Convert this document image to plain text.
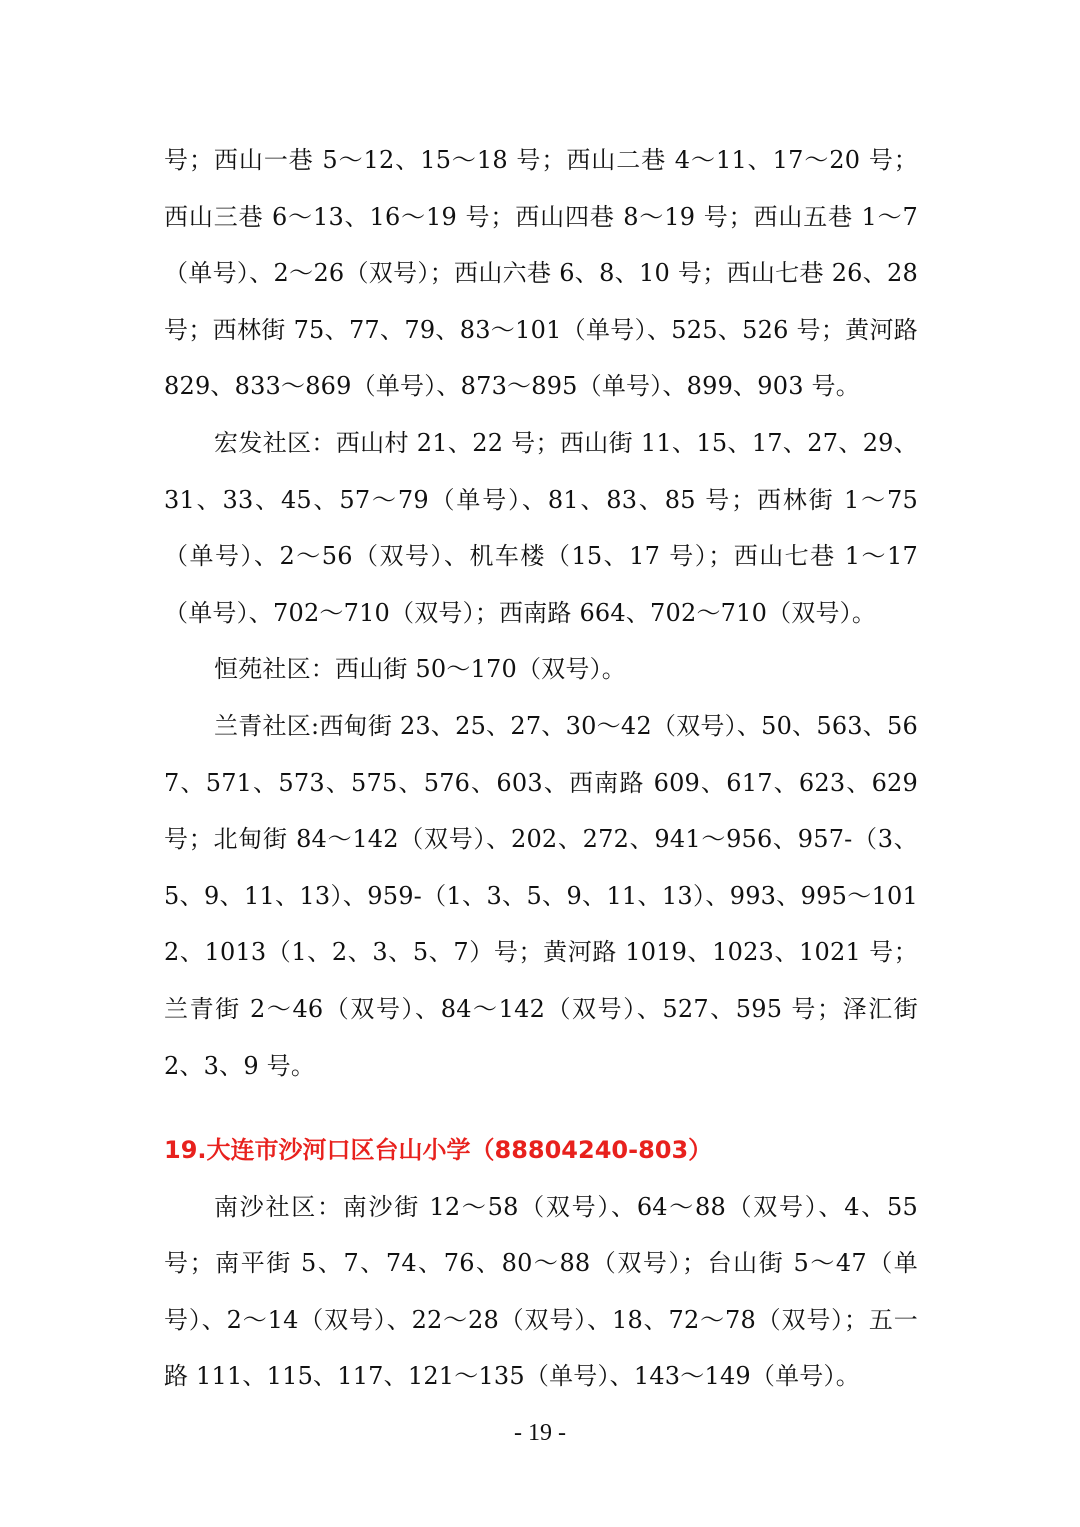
号；西山一巷 5～12、15～18 号；西山二巷 4～11、17～20 号；西山三巷 6～13、16～19 号；西山四巷 8～19 号；西山五巷 1～7（单号）、2～26（双号）；西山六巷 6、8、10 号；西山七巷 26、28 号；西林街 75、77、79、83～101（单号）、525、526 号；黄河路 829、833～869（单号）、873～895（单号）、899、903 号。

宏发社区：西山村 21、22 号；西山街 11、15、17、27、29、31、33、45、57～79（单号）、81、83、85 号；西林街 1～75（单号）、2～56（双号）、机车楼（15、17 号）；西山七巷 1～17（单号）、702～710（双号）；西南路 664、702～710（双号）。

恒苑社区：西山街 50～170（双号）。

兰青社区:西甸街 23、25、27、30～42（双号）、50、563、567、571、573、575、576、603、西南路 609、617、623、629 号；北甸街 84～142（双号）、202、272、941～956、957-（3、5、9、11、13）、959-（1、3、5、9、11、13）、993、995～1012、1013（1、2、3、5、7）号；黄河路 1019、1023、1021 号；兰青街 2～46（双号）、84～142（双号）、527、595 号；泽汇街 2、3、9 号。

19.大连市沙河口区台山小学（88804240-803）

南沙社区：南沙街 12～58（双号）、64～88（双号）、4、55 号；南平街 5、7、74、76、80～88（双号）；台山街 5～47（单号）、2～14（双号）、22～28（双号）、18、72～78（双号）；五一路 111、115、117、121～135（单号）、143～149（单号）。

- 19 -
